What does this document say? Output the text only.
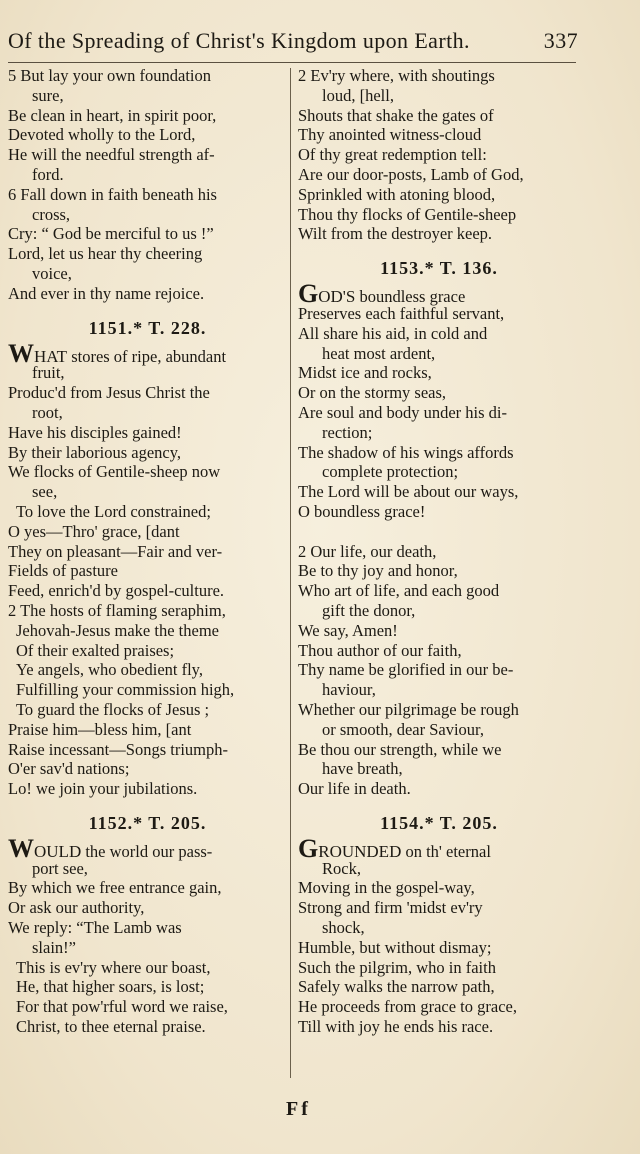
Of the Spreading of Christ's Kingdom upon Earth.	337
5 But lay your own foundation
sure,
Be clean in heart, in spirit poor,
Devoted wholly to the Lord,
He will the needful strength af-
ford.
6 Fall down in faith beneath his
cross,
Cry: “ God be merciful to us !”
Lord, let us hear thy cheering
voice,
And ever in thy name rejoice.
1151.* T. 228.
WHAT stores of ripe, abundant
fruit,
Produc'd from Jesus Christ the
root,
Have his disciples gained!
By their laborious agency,
We flocks of Gentile-sheep now
see,
To love the Lord constrained;
O yes—Thro' grace, [dant
They on pleasant—Fair and ver-
Fields of pasture
Feed, enrich'd by gospel-culture.
2 The hosts of flaming seraphim,
Jehovah-Jesus make the theme
Of their exalted praises;
Ye angels, who obedient fly,
Fulfilling your commission high,
To guard the flocks of Jesus ;
Praise him—bless him, [ant
Raise incessant—Songs triumph-
O'er sav'd nations;
Lo! we join your jubilations.
1152.* T. 205.
WOULD the world our pass-
port see,
By which we free entrance gain,
Or ask our authority,
We reply: “The Lamb was
slain!”
This is ev'ry where our boast,
He, that higher soars, is lost;
For that pow'rful word we raise,
Christ, to thee eternal praise.
2 Ev'ry where, with shoutings
loud, [hell,
Shouts that shake the gates of
Thy anointed witness-cloud
Of thy great redemption tell:
Are our door-posts, Lamb of God,
Sprinkled with atoning blood,
Thou thy flocks of Gentile-sheep
Wilt from the destroyer keep.
1153.* T. 136.
GOD'S boundless grace
Preserves each faithful servant,
All share his aid, in cold and
heat most ardent,
Midst ice and rocks,
Or on the stormy seas,
Are soul and body under his di-
rection;
The shadow of his wings affords
complete protection;
The Lord will be about our ways,
O boundless grace!
2 Our life, our death,
Be to thy joy and honor,
Who art of life, and each good
gift the donor,
We say, Amen!
Thou author of our faith,
Thy name be glorified in our be-
haviour,
Whether our pilgrimage be rough
or smooth, dear Saviour,
Be thou our strength, while we
have breath,
Our life in death.
1154.* T. 205.
GROUNDED on th' eternal
Rock,
Moving in the gospel-way,
Strong and firm 'midst ev'ry
shock,
Humble, but without dismay;
Such the pilgrim, who in faith
Safely walks the narrow path,
He proceeds from grace to grace,
Till with joy he ends his race.
Ff
